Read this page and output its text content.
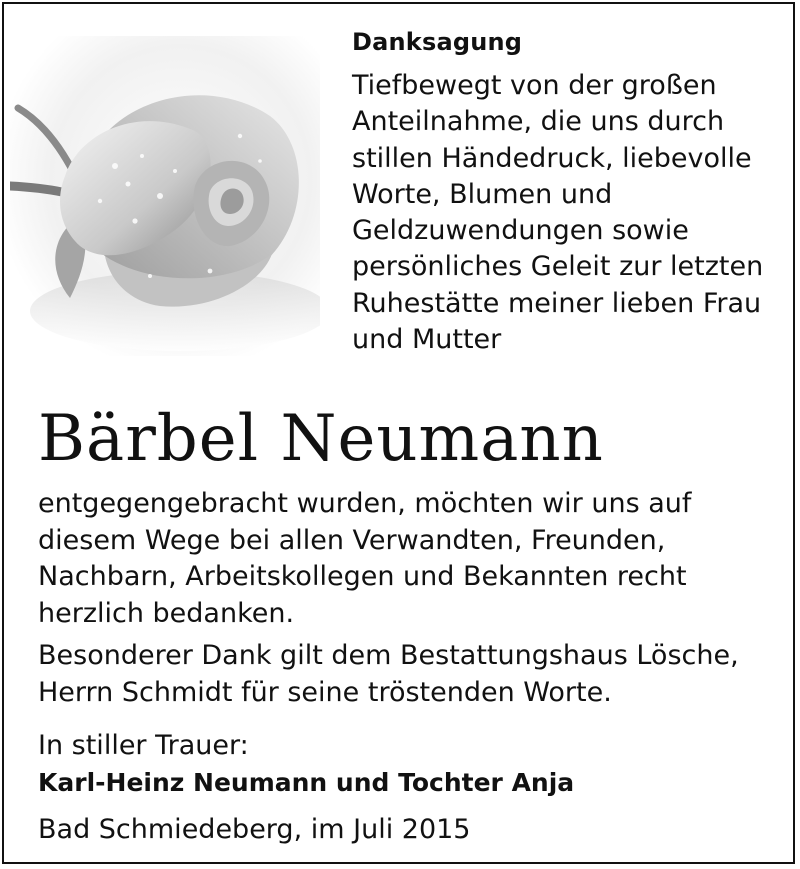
Danksagung
Tiefbewegt von der großen
Anteilnahme, die uns durch
stillen Händedruck, liebevolle
Worte, Blumen und
Geldzuwendungen sowie
persönliches Geleit zur letzten
Ruhestätte meiner lieben Frau
und Mutter
Bärbel Neumann
entgegengebracht wurden, möchten wir uns auf
diesem Wege bei allen Verwandten, Freunden,
Nachbarn, Arbeitskollegen und Bekannten recht
herzlich bedanken.
Besonderer Dank gilt dem Bestattungshaus Lösche,
Herrn Schmidt für seine tröstenden Worte.
In stiller Trauer:
Karl-Heinz Neumann und Tochter Anja
Bad Schmiedeberg, im Juli 2015
